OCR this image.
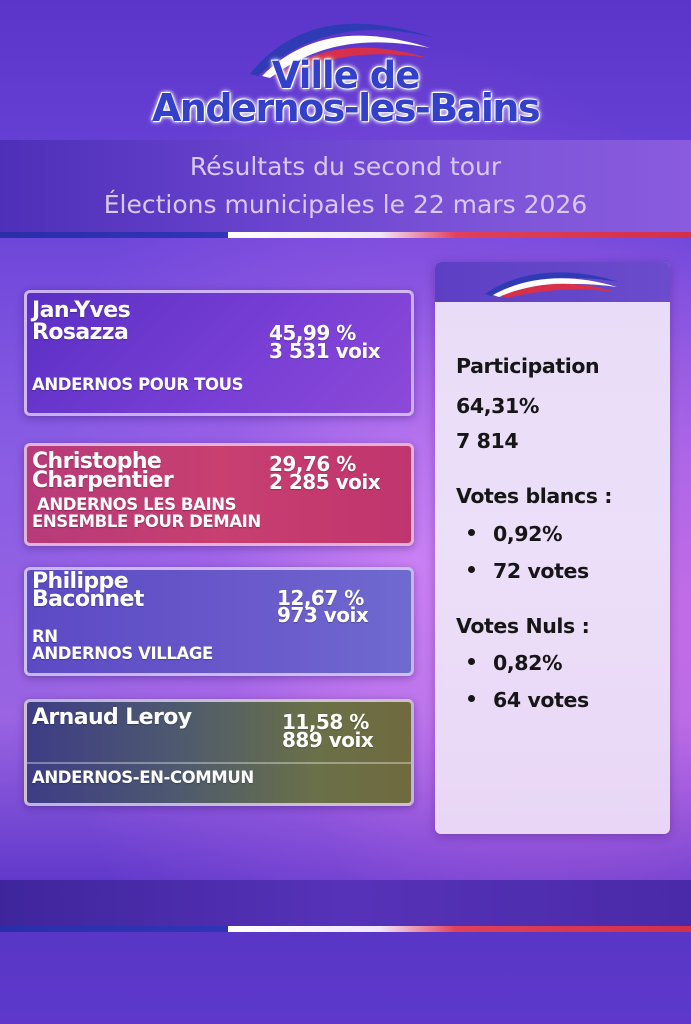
Ville de
Andernos-les-Bains
Résultats du second tour
Élections municipales le 22 mars 2026
Jan-Yves
Rosazza	45,99 %
3 531 voix
ANDERNOS POUR TOUS
Christophe
Charpentier
29,76 %
2 285 voix
ANDERNOS LES BAINS
ENSEMBLE POUR DEMAIN
Philippe
Baconnet	12,67 %
973 voix
RN
ANDERNOS VILLAGE
Arnaud Leroy	11,58 %
889 voix
ANDERNOS-EN-COMMUN
Participation
64,31%
7 814
Votes blancs :
0,92%
72 votes
Votes Nuls :
0,82%
64 votes
